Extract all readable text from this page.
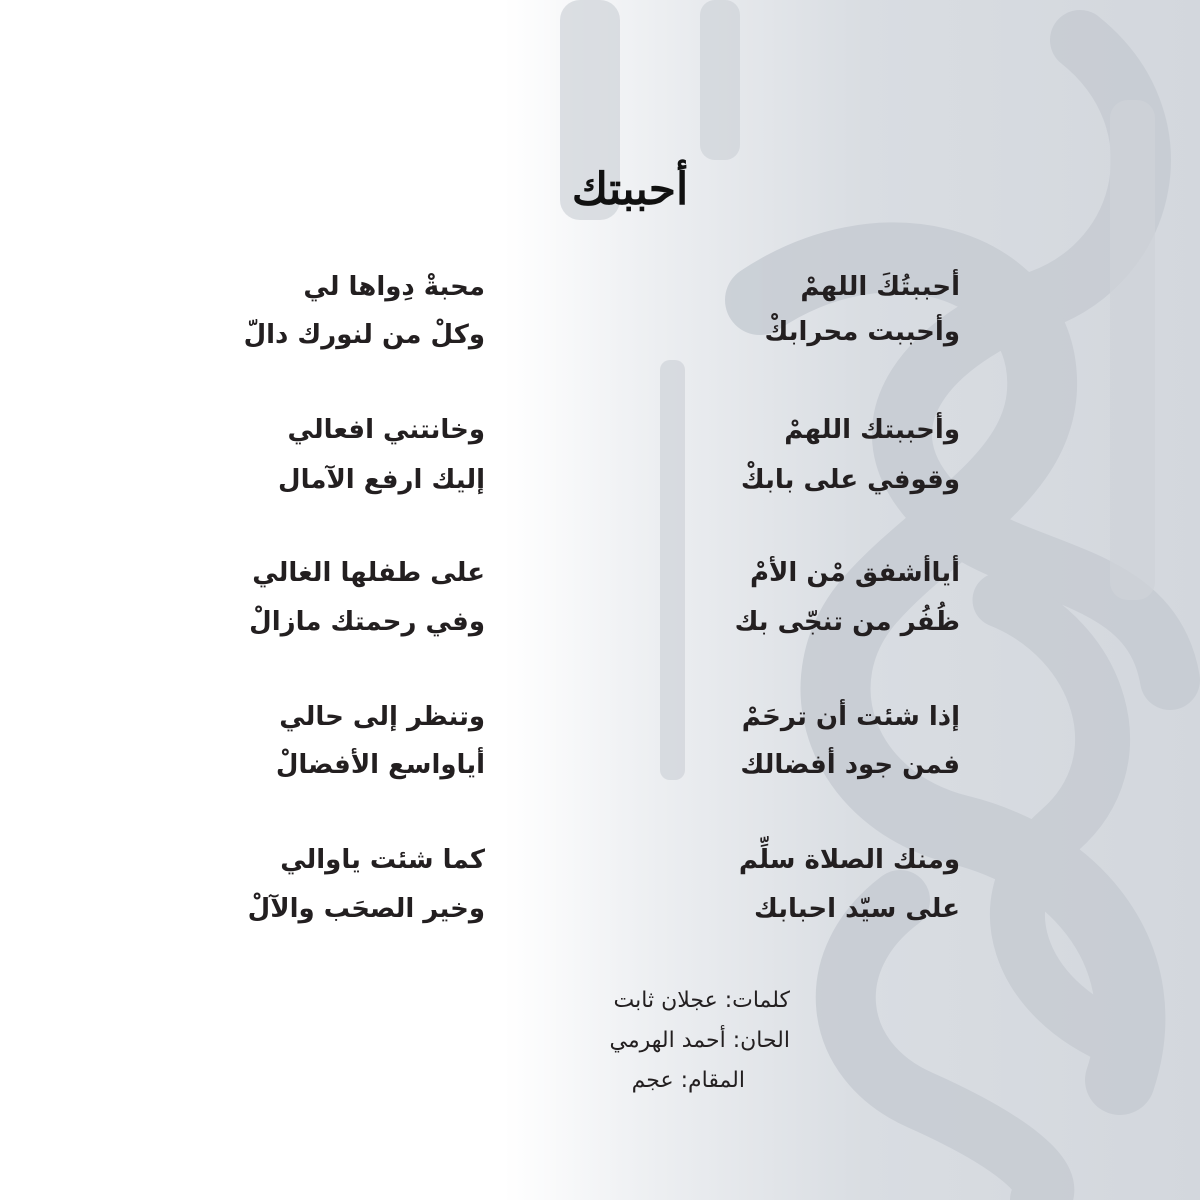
أحببتك
أحببتُكَ اللهمْ
وأحببت محرابكْ
وأحببتك اللهمْ
وقوفي على بابكْ
أياأشفق مْن الأمْ
ظُفُر من تنجّى بك
إذا شئت أن ترحَمْ
فمن جود أفضالك
ومنك الصلاة سلِّم
على سيّد احبابك
محبةْ دِواها لي
وكلْ من لنورك دالّ
وخانتني افعالي
إليك ارفع الآمال
على طفلها الغالي
وفي رحمتك مازالْ
وتنظر إلى حالي
أياواسع الأفضالْ
كما شئت ياوالي
وخير الصحَب والآلْ
كلمات: عجلان ثابت
الحان: أحمد الهرمي
المقام: عجم
